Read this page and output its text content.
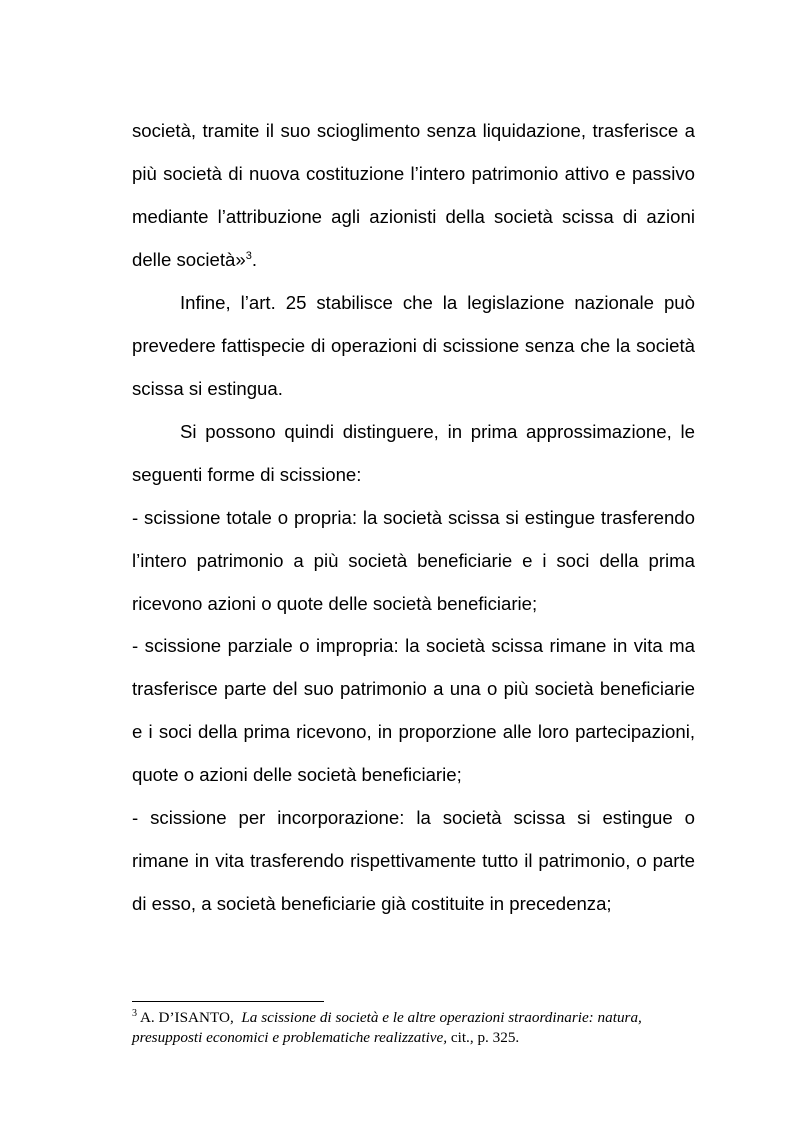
società, tramite il suo scioglimento senza liquidazione, trasferisce a
più società di nuova costituzione l’intero patrimonio attivo e passivo
mediante l’attribuzione agli azionisti della società scissa di azioni
delle società»$^3$.
Infine, l’art. 25 stabilisce che la legislazione nazionale può
prevedere fattispecie di operazioni di scissione senza che la società
scissa si estingua.
Si possono quindi distinguere, in prima approssimazione, le
seguenti forme di scissione:
- scissione totale o propria: la società scissa si estingue trasferendo
l’intero patrimonio a più società beneficiarie e i soci della prima
ricevono azioni o quote delle società beneficiarie;
- scissione parziale o impropria: la società scissa rimane in vita ma
trasferisce parte del suo patrimonio a una o più società beneficiarie
e i soci della prima ricevono, in proporzione alle loro partecipazioni,
quote o azioni delle società beneficiarie;
- scissione per incorporazione: la società scissa si estingue o
rimane in vita trasferendo rispettivamente tutto il patrimonio, o parte
di esso, a società beneficiarie già costituite in precedenza;
$^3$ A. D’ISANTO, La scissione di società e le altre operazioni straordinarie: natura,
presupposti economici e problematiche realizzative, cit., p. 325.
